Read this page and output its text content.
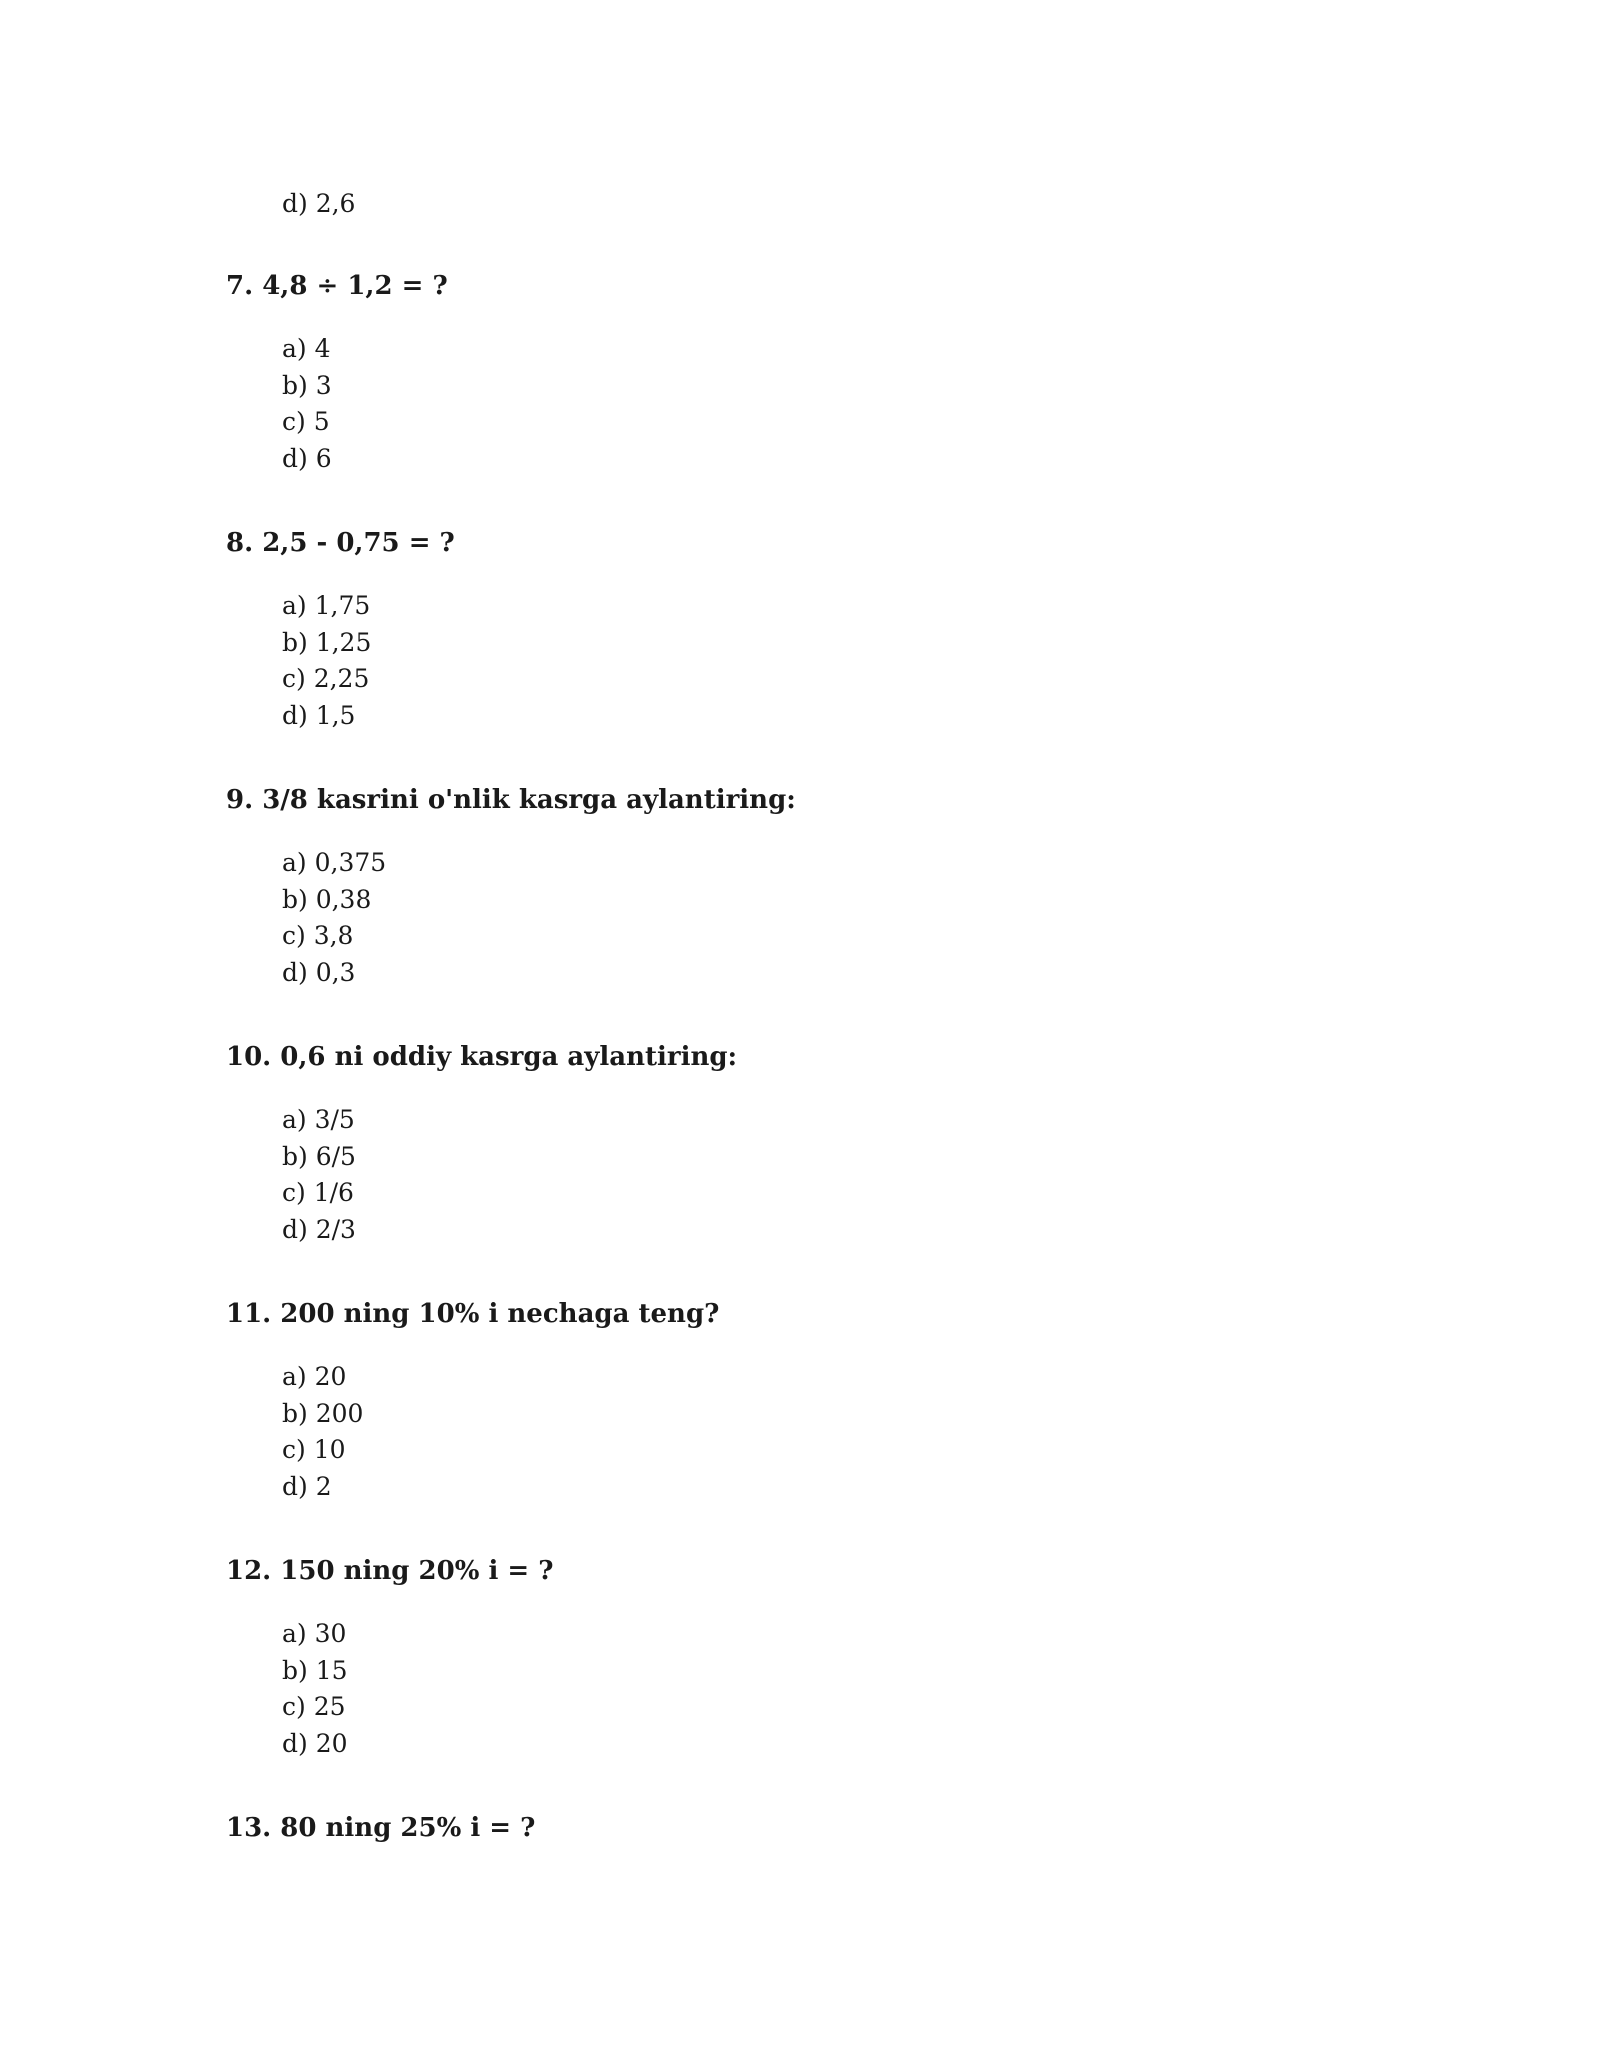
d) 2,6

7. 4,8 ÷ 1,2 = ?

a) 4
b) 3
c) 5
d) 6

8. 2,5 - 0,75 = ?

a) 1,75
b) 1,25
c) 2,25
d) 1,5

9. 3/8 kasrini o'nlik kasrga aylantiring:

a) 0,375
b) 0,38
c) 3,8
d) 0,3

10. 0,6 ni oddiy kasrga aylantiring:

a) 3/5
b) 6/5
c) 1/6
d) 2/3

11. 200 ning 10% i nechaga teng?

a) 20
b) 200
c) 10
d) 2

12. 150 ning 20% i = ?

a) 30
b) 15
c) 25
d) 20

13. 80 ning 25% i = ?
